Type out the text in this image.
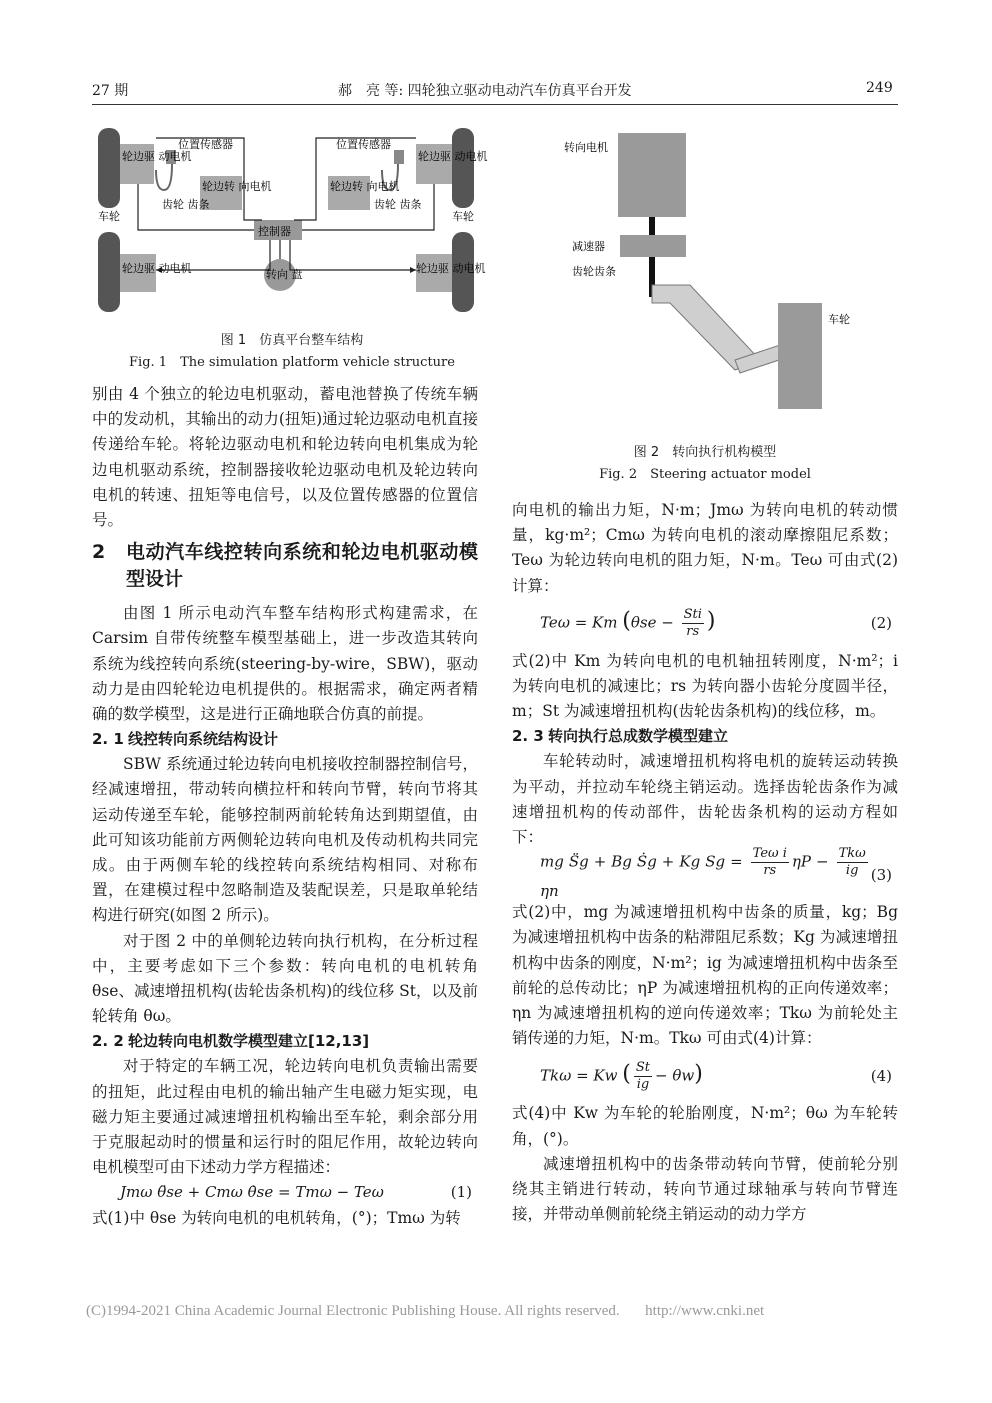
27 期	郝　亮 等: 四轮独立驱动电动汽车仿真平台开发	249
轮边驱 动电机
位置传感器
轮边转 向电机
齿轮 齿条
车轮
控制器
位置传感器
轮边驱 动电机
轮边转 向电机
齿轮 齿条
车轮
转向 盘
轮边驱 动电机	轮边驱 动电机
图 1　仿真平台整车结构
Fig. 1　The simulation platform vehicle structure
转向电机
减速器
齿轮齿条
车轮
图 2　转向执行机构模型
Fig. 2　Steering actuator model

别由 4 个独立的轮边电机驱动，蓄电池替换了传统车辆中的发动机，其输出的动力(扭矩)通过轮边驱动电机直接传递给车轮。将轮边驱动电机和轮边转向电机集成为轮边电机驱动系统，控制器接收轮边驱动电机及轮边转向电机的转速、扭矩等电信号，以及位置传感器的位置信号。

2 电动汽车线控转向系统和轮边电机驱动模型设计

由图 1 所示电动汽车整车结构形式构建需求，在 Carsim 自带传统整车模型基础上，进一步改造其转向系统为线控转向系统(steering-by-wire，SBW)，驱动动力是由四轮轮边电机提供的。根据需求，确定两者精确的数学模型，这是进行正确地联合仿真的前提。

2. 1 线控转向系统结构设计

SBW 系统通过轮边转向电机接收控制器控制信号，经减速增扭，带动转向横拉杆和转向节臂，转向节将其运动传递至车轮，能够控制两前轮转角达到期望值，由此可知该功能前方两侧轮边转向电机及传动机构共同完成。由于两侧车轮的线控转向系统结构相同、对称布置，在建模过程中忽略制造及装配误差，只是取单轮结构进行研究(如图 2 所示)。

对于图 2 中的单侧轮边转向执行机构，在分析过程中，主要考虑如下三个参数：转向电机的电机转角 θse、减速增扭机构(齿轮齿条机构)的线位移 St，以及前轮转角 θω。

2. 2 轮边转向电机数学模型建立[12,13]

对于特定的车辆工况，轮边转向电机负责输出需要的扭矩，此过程由电机的输出轴产生电磁力矩实现，电磁力矩主要通过减速增扭机构输出至车轮，剩余部分用于克服起动时的惯量和运行时的阻尼作用，故轮边转向电机模型可由下述动力学方程描述：

Jmω θ̈se + Cmω θ̇se = Tmω − Teω	(1)

式(1)中 θse 为转向电机的电机转角，(°)；Tmω 为转

向电机的输出力矩，N·m；Jmω 为转向电机的转动惯量，kg·m²；Cmω 为转向电机的滚动摩擦阻尼系数；Teω 为轮边转向电机的阻力矩，N·m。Teω 可由式(2)计算：

Teω = Km ($\theta se - \frac{\text{Sti}}{rs}$ )	(2)

式(2)中 Km 为转向电机的电机轴扭转刚度，N·m²；i 为转向电机的减速比；rs 为转向器小齿轮分度圆半径，m；St 为减速增扭机构(齿轮齿条机构)的线位移，m。

2. 3 转向执行总成数学模型建立

车轮转动时，减速增扭机构将电机的旋转运动转换为平动，并拉动车轮绕主销运动。选择齿轮齿条作为减速增扭机构的传动部件，齿轮齿条机构的运动方程如下：

mg S̈g + Bg Ṡg + Kg $Sg = \frac{\text{Teω i}}{rs}$ $\eta P - \frac{\text{Tkω}}{ig}$
ηn
(3)

式(2)中，mg 为减速增扭机构中齿条的质量，kg；Bg 为减速增扭机构中齿条的粘滞阻尼系数；Kg 为减速增扭机构中齿条的刚度，N·m²；ig 为减速增扭机构中齿条至前轮的总传动比；ηP 为减速增扭机构的正向传递效率；ηn 为减速增扭机构的逆向传递效率；Tkω 为前轮处主销传递的力矩，N·m。Tkω 可由式(4)计算：

Tkω = Kw ( $\frac{St}{ig} - \theta w$)	(4)

式(4)中 Kw 为车轮的轮胎刚度，N·m²；θω 为车轮转角，(°)。

减速增扭机构中的齿条带动转向节臂，使前轮分别绕其主销进行转动，转向节通过球轴承与转向节臂连接，并带动单侧前轮绕主销运动的动力学方

(C)1994-2021 China Academic Journal Electronic Publishing House. All rights reserved. http://www.cnki.net
